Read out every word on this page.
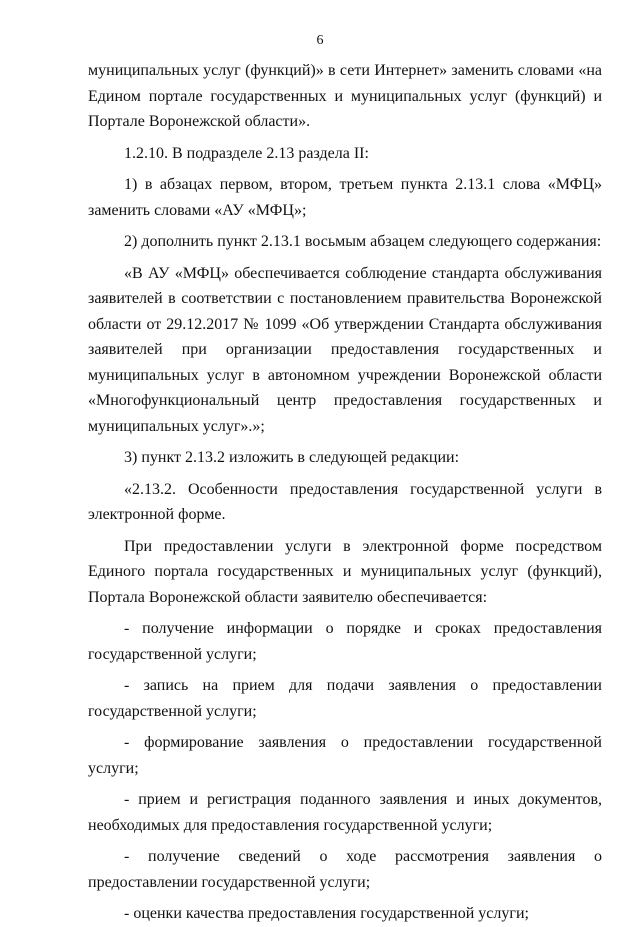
6

муниципальных услуг (функций)» в сети Интернет» заменить словами «на Едином портале государственных и муниципальных услуг (функций) и Портале Воронежской области».

1.2.10. В подразделе 2.13 раздела II:

1) в абзацах первом, втором, третьем пункта 2.13.1 слова «МФЦ» заменить словами «АУ «МФЦ»;

2) дополнить пункт 2.13.1 восьмым абзацем следующего содержания:

«В АУ «МФЦ» обеспечивается соблюдение стандарта обслуживания заявителей в соответствии с постановлением правительства Воронежской области от 29.12.2017 № 1099 «Об утверждении Стандарта обслуживания заявителей при организации предоставления государственных и муниципальных услуг в автономном учреждении Воронежской области «Многофункциональный центр предоставления государственных и муниципальных услуг».»;

3) пункт 2.13.2 изложить в следующей редакции:

«2.13.2. Особенности предоставления государственной услуги в электронной форме.

При предоставлении услуги в электронной форме посредством Единого портала государственных и муниципальных услуг (функций), Портала Воронежской области заявителю обеспечивается:

- получение информации о порядке и сроках предоставления государственной услуги;

- запись на прием для подачи заявления о предоставлении государственной услуги;

- формирование заявления о предоставлении государственной услуги;

- прием и регистрация поданного заявления и иных документов, необходимых для предоставления государственной услуги;

- получение сведений о ходе рассмотрения заявления о предоставлении государственной услуги;

- оценки качества предоставления государственной услуги;
